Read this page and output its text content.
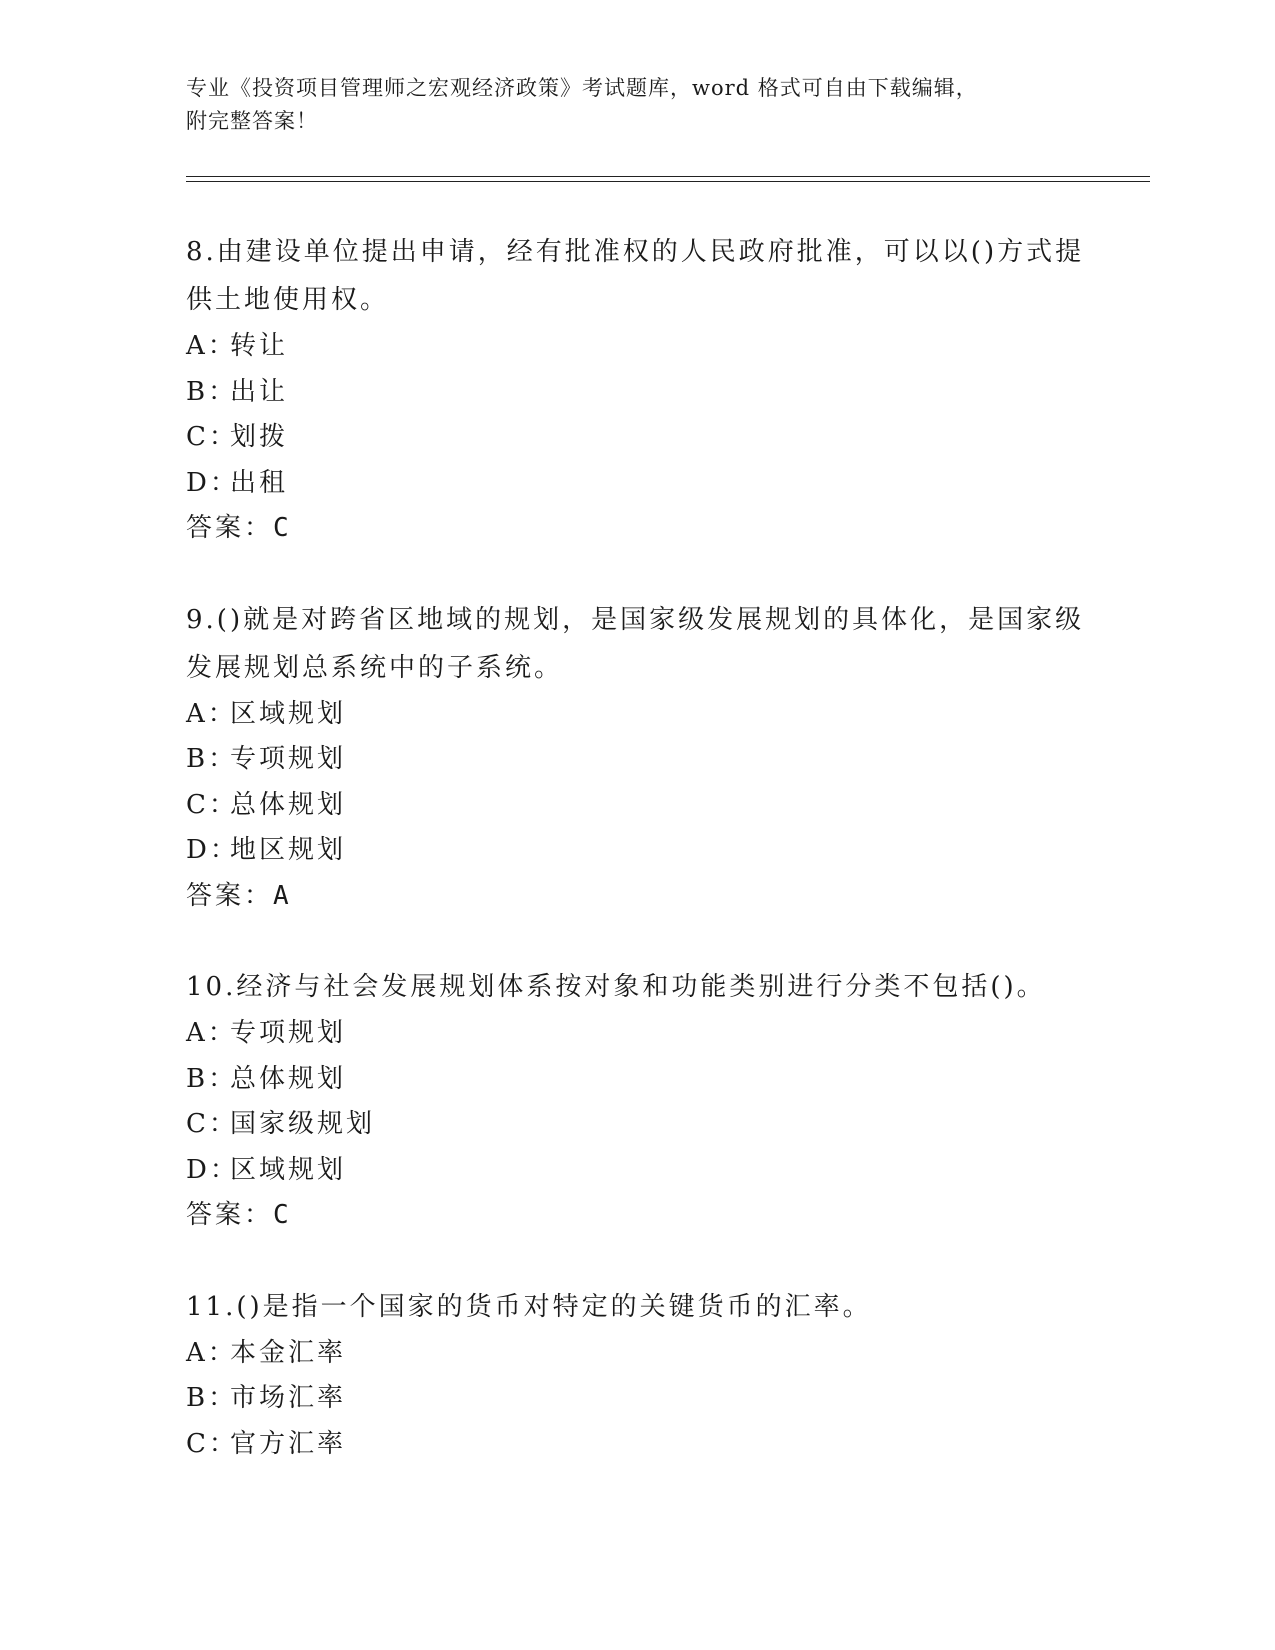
专业《投资项目管理师之宏观经济政策》考试题库，word 格式可自由下载编辑，
附完整答案！
8.由建设单位提出申请，经有批准权的人民政府批准，可以以()方式提供土地使用权。
A：转让
B：出让
C：划拨
D：出租
答案：C
9.()就是对跨省区地域的规划，是国家级发展规划的具体化，是国家级发展规划总系统中的子系统。
A：区域规划
B：专项规划
C：总体规划
D：地区规划
答案：A
10.经济与社会发展规划体系按对象和功能类别进行分类不包括()。
A：专项规划
B：总体规划
C：国家级规划
D：区域规划
答案：C
11.()是指一个国家的货币对特定的关键货币的汇率。
A：本金汇率
B：市场汇率
C：官方汇率
